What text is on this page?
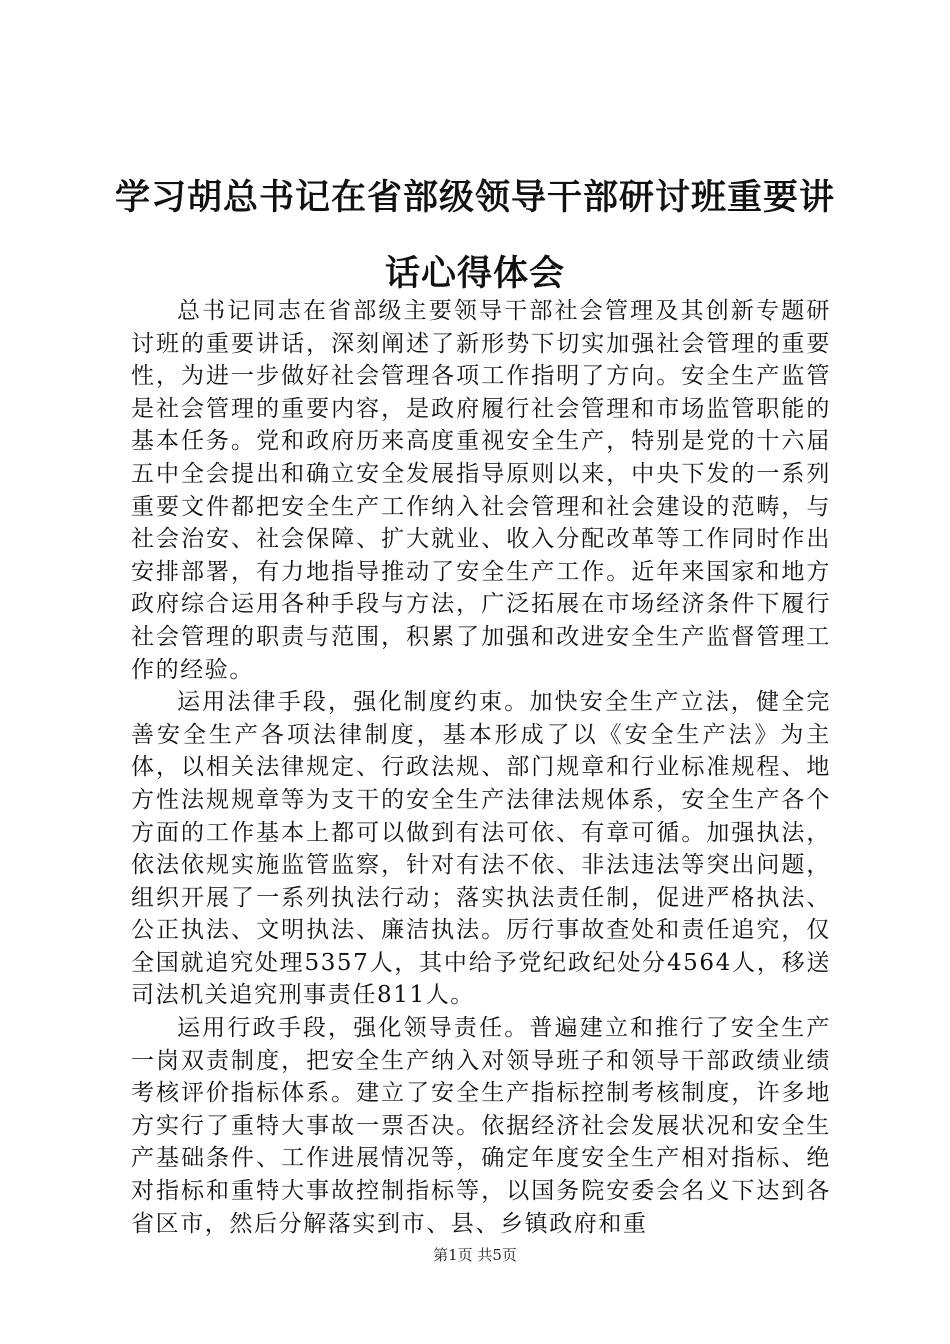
学习胡总书记在省部级领导干部研讨班重要讲话心得体会

总书记同志在省部级主要领导干部社会管理及其创新专题研讨班的重要讲话，深刻阐述了新形势下切实加强社会管理的重要性，为进一步做好社会管理各项工作指明了方向。安全生产监管是社会管理的重要内容，是政府履行社会管理和市场监管职能的基本任务。党和政府历来高度重视安全生产，特别是党的十六届五中全会提出和确立安全发展指导原则以来，中央下发的一系列重要文件都把安全生产工作纳入社会管理和社会建设的范畴，与社会治安、社会保障、扩大就业、收入分配改革等工作同时作出安排部署，有力地指导推动了安全生产工作。近年来国家和地方政府综合运用各种手段与方法，广泛拓展在市场经济条件下履行社会管理的职责与范围，积累了加强和改进安全生产监督管理工作的经验。

运用法律手段，强化制度约束。加快安全生产立法，健全完善安全生产各项法律制度，基本形成了以《安全生产法》为主体，以相关法律规定、行政法规、部门规章和行业标准规程、地方性法规规章等为支干的安全生产法律法规体系，安全生产各个方面的工作基本上都可以做到有法可依、有章可循。加强执法，依法依规实施监管监察，针对有法不依、非法违法等突出问题，组织开展了一系列执法行动；落实执法责任制，促进严格执法、公正执法、文明执法、廉洁执法。厉行事故查处和责任追究，仅全国就追究处理5357人，其中给予党纪政纪处分4564人，移送司法机关追究刑事责任811人。

运用行政手段，强化领导责任。普遍建立和推行了安全生产一岗双责制度，把安全生产纳入对领导班子和领导干部政绩业绩考核评价指标体系。建立了安全生产指标控制考核制度，许多地方实行了重特大事故一票否决。依据经济社会发展状况和安全生产基础条件、工作进展情况等，确定年度安全生产相对指标、绝对指标和重特大事故控制指标等，以国务院安委会名义下达到各省区市，然后分解落实到市、县、乡镇政府和重

第1页 共5页
